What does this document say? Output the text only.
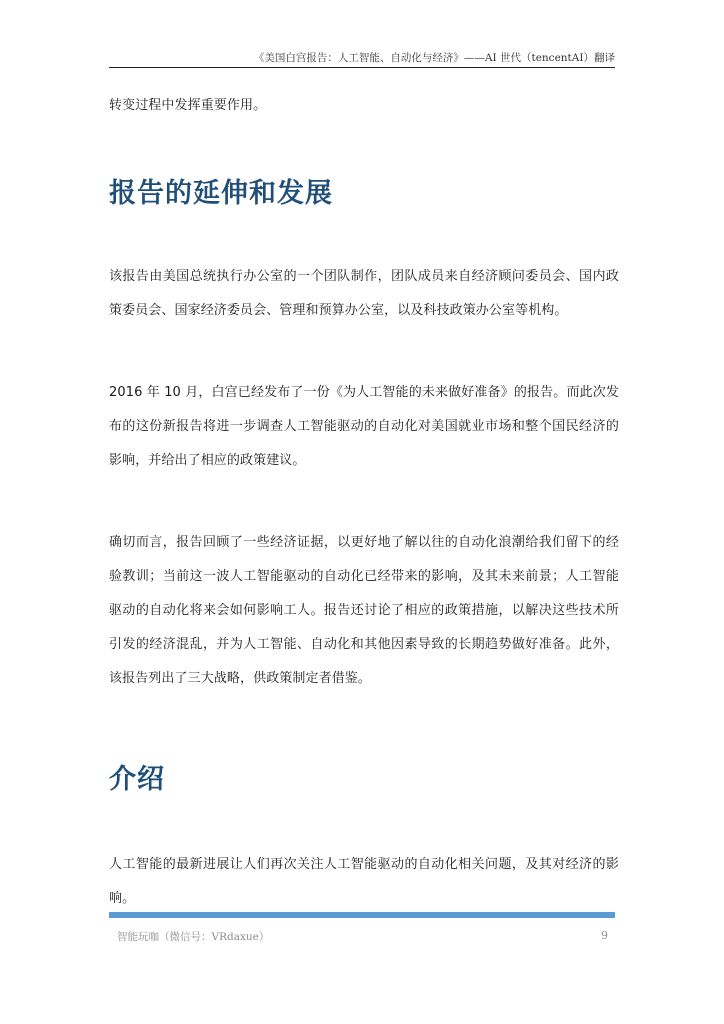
《美国白宫报告：人工智能、自动化与经济》——AI 世代（tencentAI）翻译

转变过程中发挥重要作用。

报告的延伸和发展

该报告由美国总统执行办公室的一个团队制作，团队成员来自经济顾问委员会、国内政策委员会、国家经济委员会、管理和预算办公室，以及科技政策办公室等机构。

2016 年 10 月，白宫已经发布了一份《为人工智能的未来做好准备》的报告。而此次发布的这份新报告将进一步调查人工智能驱动的自动化对美国就业市场和整个国民经济的影响，并给出了相应的政策建议。

确切而言，报告回顾了一些经济证据，以更好地了解以往的自动化浪潮给我们留下的经验教训；当前这一波人工智能驱动的自动化已经带来的影响，及其未来前景；人工智能驱动的自动化将来会如何影响工人。报告还讨论了相应的政策措施，以解决这些技术所引发的经济混乱，并为人工智能、自动化和其他因素导致的长期趋势做好准备。此外，该报告列出了三大战略，供政策制定者借鉴。

介绍

人工智能的最新进展让人们再次关注人工智能驱动的自动化相关问题，及其对经济的影响。

智能玩咖（微信号：VRdaxue）	9
